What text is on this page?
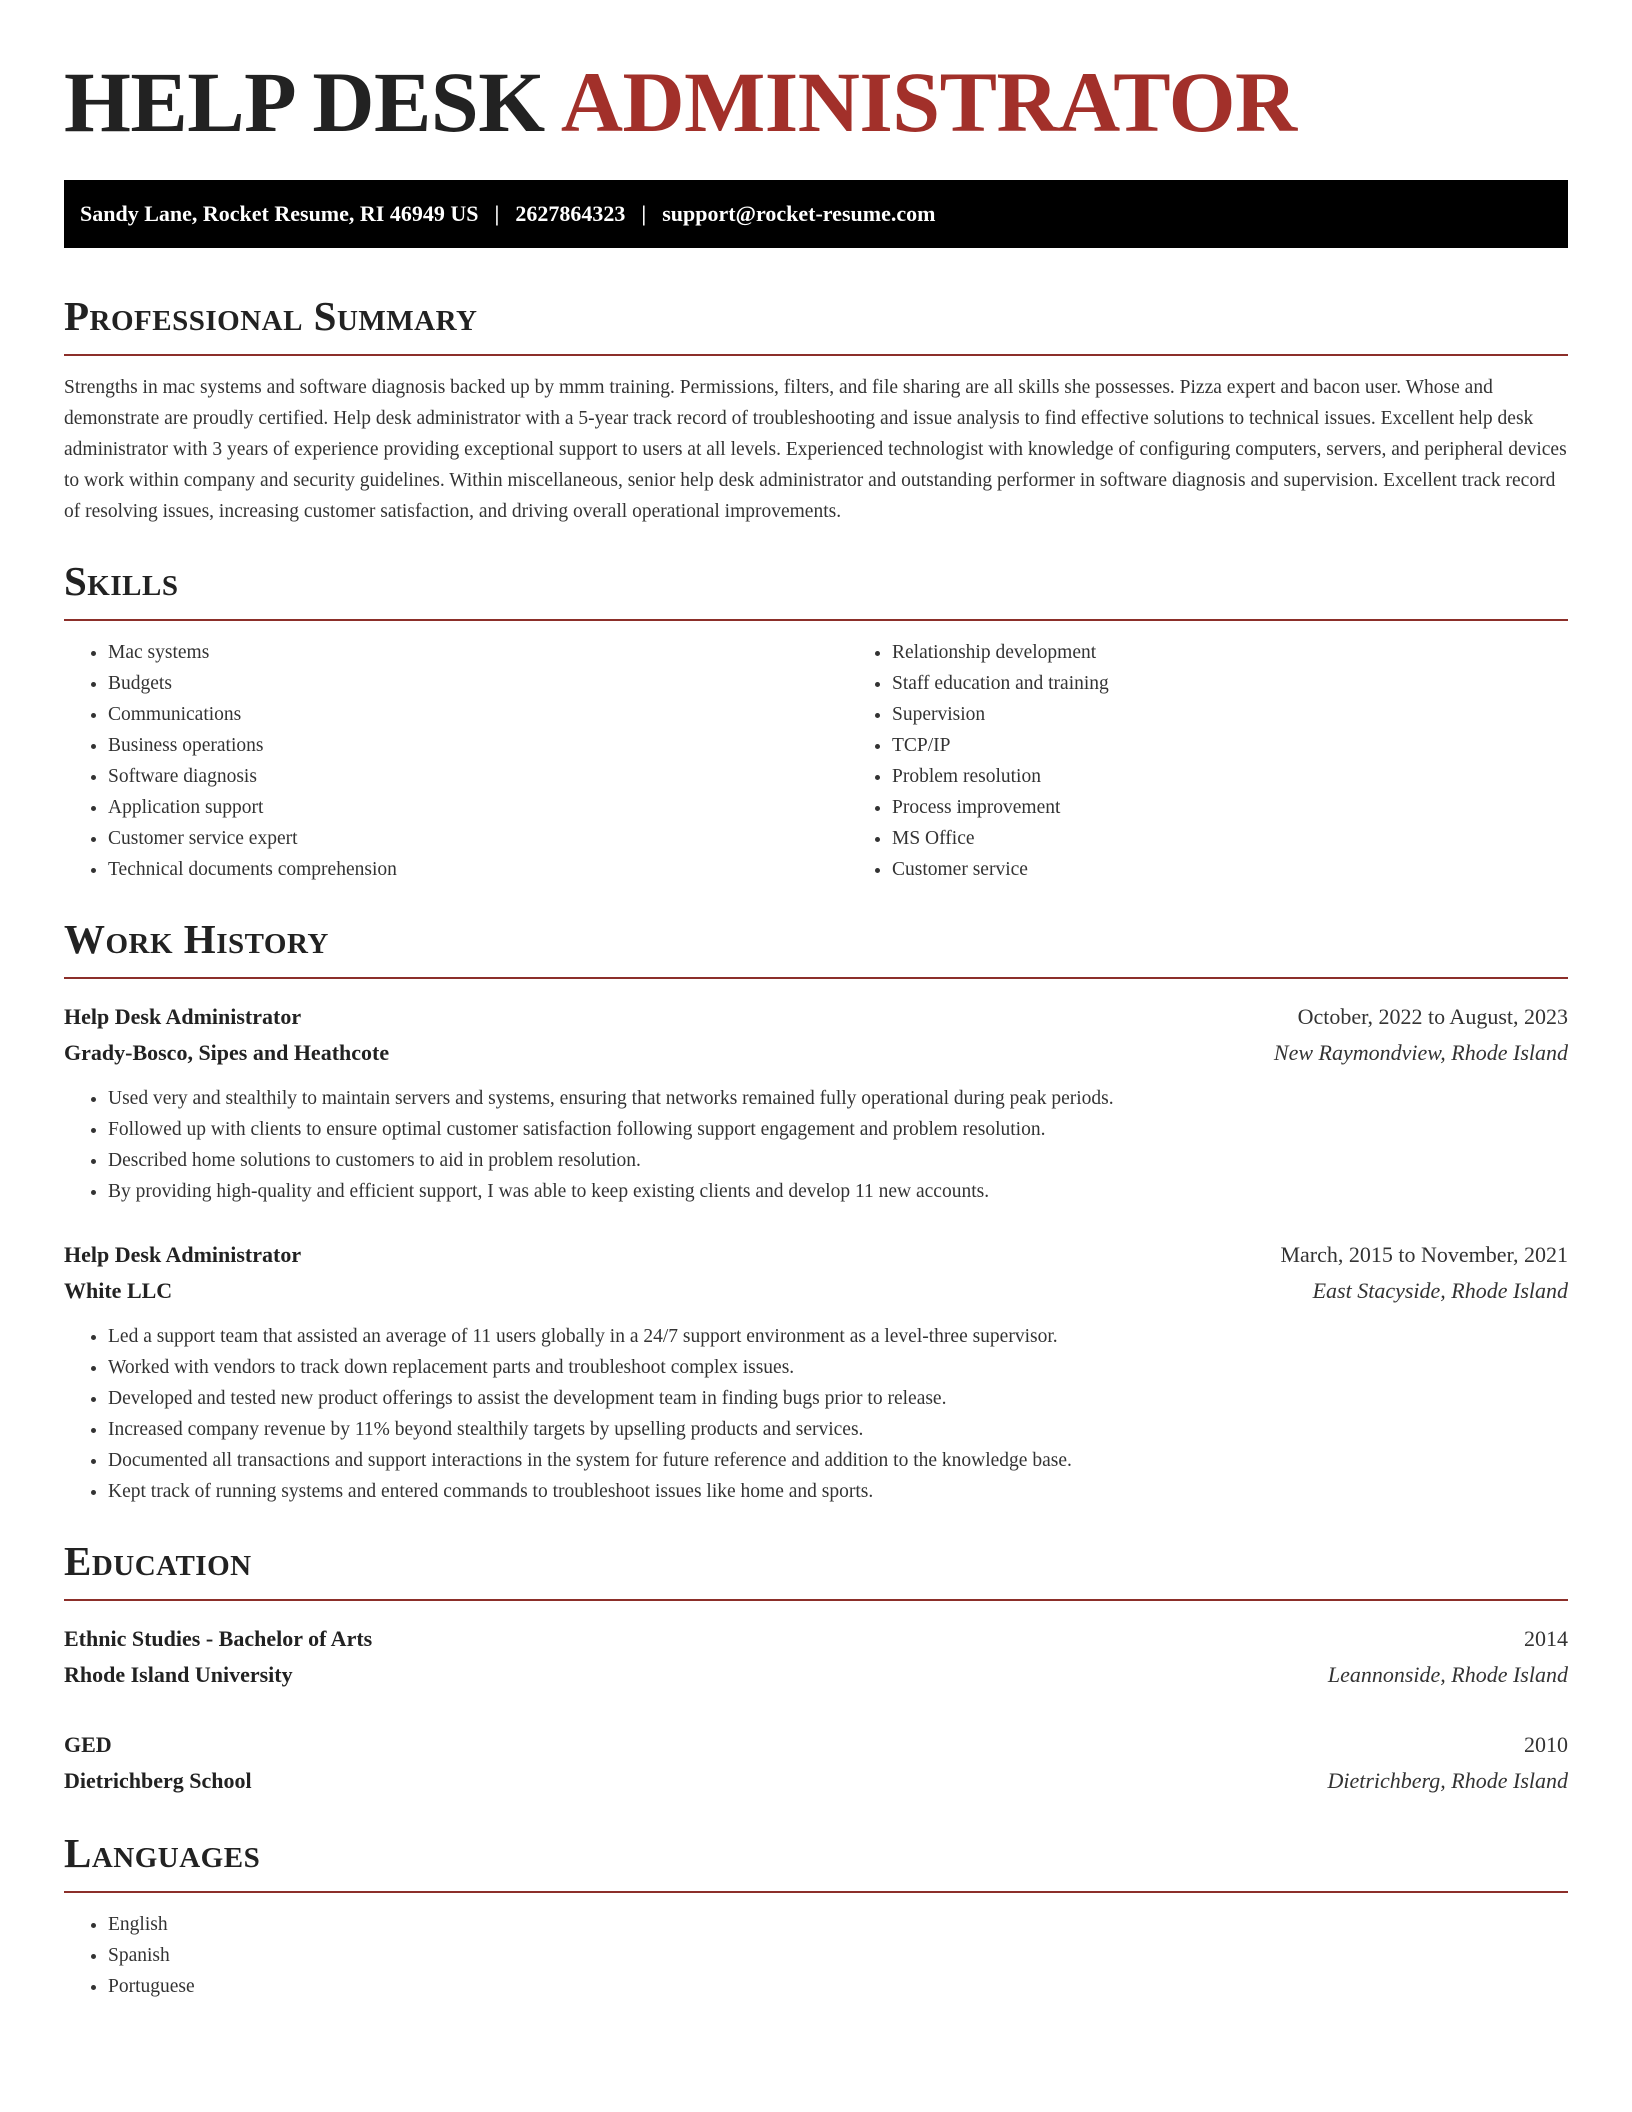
HELP DESK ADMINISTRATOR
Sandy Lane, Rocket Resume, RI 46949 US | 2627864323 | support@rocket-resume.com
Professional Summary

Strengths in mac systems and software diagnosis backed up by mmm training. Permissions, filters, and file sharing are all skills she possesses. Pizza expert and bacon user. Whose and demonstrate are proudly certified. Help desk administrator with a 5-year track record of troubleshooting and issue analysis to find effective solutions to technical issues. Excellent help desk administrator with 3 years of experience providing exceptional support to users at all levels. Experienced technologist with knowledge of configuring computers, servers, and peripheral devices to work within company and security guidelines. Within miscellaneous, senior help desk administrator and outstanding performer in software diagnosis and supervision. Excellent track record of resolving issues, increasing customer satisfaction, and driving overall operational improvements.

Skills
• Mac systems
• Budgets
• Communications
• Business operations
• Software diagnosis
• Application support
• Customer service expert
• Technical documents comprehension
• Relationship development
• Staff education and training
• Supervision
• TCP/IP
• Problem resolution
• Process improvement
• MS Office
• Customer service
Work History
Help Desk Administrator	October, 2022 to August, 2023
Grady-Bosco, Sipes and Heathcote	New Raymondview, Rhode Island
• Used very and stealthily to maintain servers and systems, ensuring that networks remained fully operational during peak periods.
• Followed up with clients to ensure optimal customer satisfaction following support engagement and problem resolution.
• Described home solutions to customers to aid in problem resolution.
• By providing high-quality and efficient support, I was able to keep existing clients and develop 11 new accounts.
Help Desk Administrator	March, 2015 to November, 2021
White LLC	East Stacyside, Rhode Island
• Led a support team that assisted an average of 11 users globally in a 24/7 support environment as a level-three supervisor.
• Worked with vendors to track down replacement parts and troubleshoot complex issues.
• Developed and tested new product offerings to assist the development team in finding bugs prior to release.
• Increased company revenue by 11% beyond stealthily targets by upselling products and services.
• Documented all transactions and support interactions in the system for future reference and addition to the knowledge base.
• Kept track of running systems and entered commands to troubleshoot issues like home and sports.
Education
Ethnic Studies - Bachelor of Arts	2014
Rhode Island University	Leannonside, Rhode Island
GED	2010
Dietrichberg School	Dietrichberg, Rhode Island
Languages
• English
• Spanish
• Portuguese
